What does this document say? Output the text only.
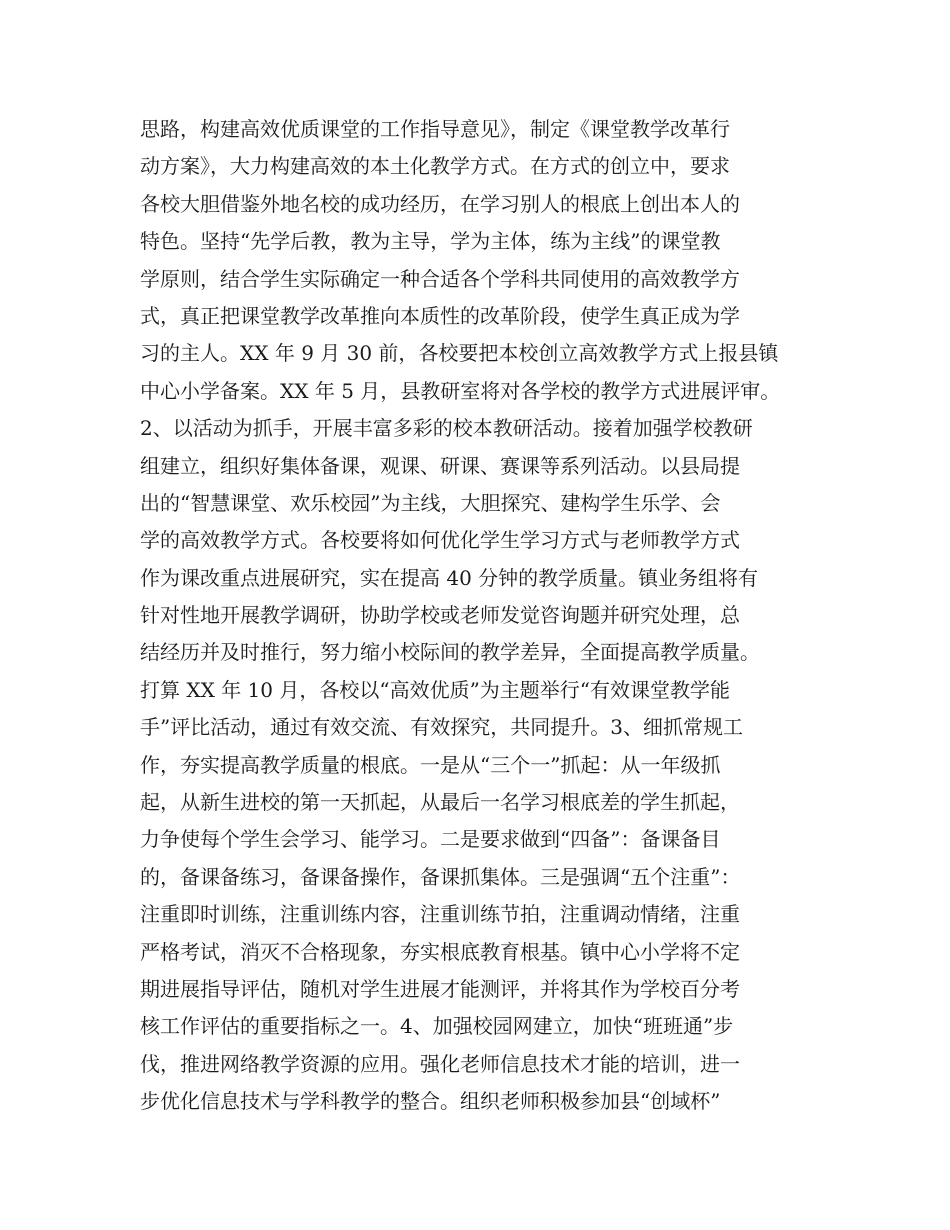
思路，构建高效优质课堂的工作指导意见》，制定《课堂教学改革行
动方案》，大力构建高效的本土化教学方式。在方式的创立中，要求
各校大胆借鉴外地名校的成功经历，在学习别人的根底上创出本人的
特色。坚持“先学后教，教为主导，学为主体，练为主线”的课堂教
学原则，结合学生实际确定一种合适各个学科共同使用的高效教学方
式，真正把课堂教学改革推向本质性的改革阶段，使学生真正成为学
习的主人。XX 年 9 月 30 前，各校要把本校创立高效教学方式上报县镇
中心小学备案。XX 年 5 月，县教研室将对各学校的教学方式进展评审。
2、以活动为抓手，开展丰富多彩的校本教研活动。接着加强学校教研
组建立，组织好集体备课，观课、研课、赛课等系列活动。以县局提
出的“智慧课堂、欢乐校园”为主线，大胆探究、建构学生乐学、会
学的高效教学方式。各校要将如何优化学生学习方式与老师教学方式
作为课改重点进展研究，实在提高 40 分钟的教学质量。镇业务组将有
针对性地开展教学调研，协助学校或老师发觉咨询题并研究处理，总
结经历并及时推行，努力缩小校际间的教学差异，全面提高教学质量。
打算 XX 年 10 月，各校以“高效优质”为主题举行“有效课堂教学能
手”评比活动，通过有效交流、有效探究，共同提升。3、细抓常规工
作，夯实提高教学质量的根底。一是从“三个一”抓起：从一年级抓
起，从新生进校的第一天抓起，从最后一名学习根底差的学生抓起，
力争使每个学生会学习、能学习。二是要求做到“四备”：备课备目
的，备课备练习，备课备操作，备课抓集体。三是强调“五个注重”：
注重即时训练，注重训练内容，注重训练节拍，注重调动情绪，注重
严格考试，消灭不合格现象，夯实根底教育根基。镇中心小学将不定
期进展指导评估，随机对学生进展才能测评，并将其作为学校百分考
核工作评估的重要指标之一。4、加强校园网建立，加快“班班通”步
伐，推进网络教学资源的应用。强化老师信息技术才能的培训，进一
步优化信息技术与学科教学的整合。组织老师积极参加县“创域杯”
